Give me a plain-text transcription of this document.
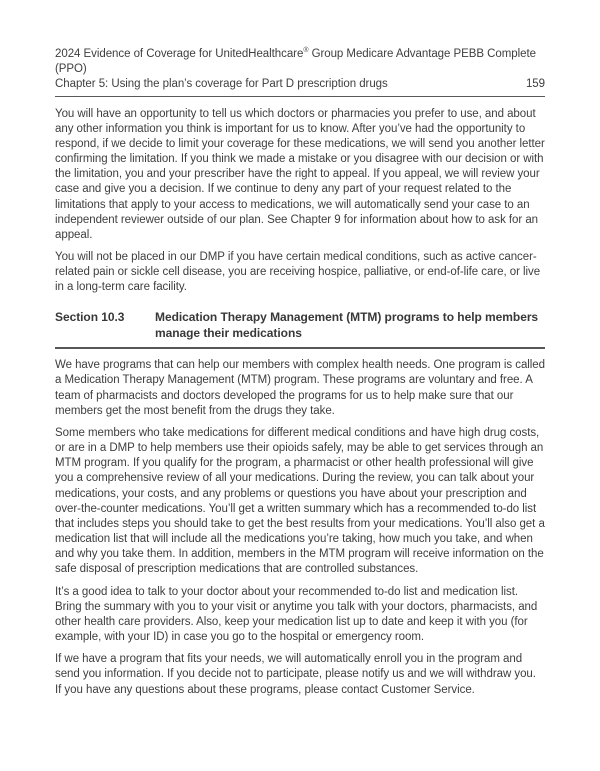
2024 Evidence of Coverage for UnitedHealthcare® Group Medicare Advantage PEBB Complete (PPO)
Chapter 5: Using the plan’s coverage for Part D prescription drugs	159

You will have an opportunity to tell us which doctors or pharmacies you prefer to use, and about any other information you think is important for us to know. After you’ve had the opportunity to respond, if we decide to limit your coverage for these medications, we will send you another letter confirming the limitation. If you think we made a mistake or you disagree with our decision or with the limitation, you and your prescriber have the right to appeal. If you appeal, we will review your case and give you a decision. If we continue to deny any part of your request related to the limitations that apply to your access to medications, we will automatically send your case to an independent reviewer outside of our plan. See Chapter 9 for information about how to ask for an appeal.

You will not be placed in our DMP if you have certain medical conditions, such as active cancer-related pain or sickle cell disease, you are receiving hospice, palliative, or end-of-life care, or live in a long-term care facility.

Section 10.3	Medication Therapy Management (MTM) programs to help members manage their medications

We have programs that can help our members with complex health needs. One program is called a Medication Therapy Management (MTM) program. These programs are voluntary and free. A team of pharmacists and doctors developed the programs for us to help make sure that our members get the most benefit from the drugs they take.

Some members who take medications for different medical conditions and have high drug costs, or are in a DMP to help members use their opioids safely, may be able to get services through an MTM program. If you qualify for the program, a pharmacist or other health professional will give you a comprehensive review of all your medications. During the review, you can talk about your medications, your costs, and any problems or questions you have about your prescription and over-the-counter medications. You’ll get a written summary which has a recommended to-do list that includes steps you should take to get the best results from your medications. You’ll also get a medication list that will include all the medications you’re taking, how much you take, and when and why you take them. In addition, members in the MTM program will receive information on the safe disposal of prescription medications that are controlled substances.

It’s a good idea to talk to your doctor about your recommended to-do list and medication list. Bring the summary with you to your visit or anytime you talk with your doctors, pharmacists, and other health care providers. Also, keep your medication list up to date and keep it with you (for example, with your ID) in case you go to the hospital or emergency room.

If we have a program that fits your needs, we will automatically enroll you in the program and send you information. If you decide not to participate, please notify us and we will withdraw you. If you have any questions about these programs, please contact Customer Service.
